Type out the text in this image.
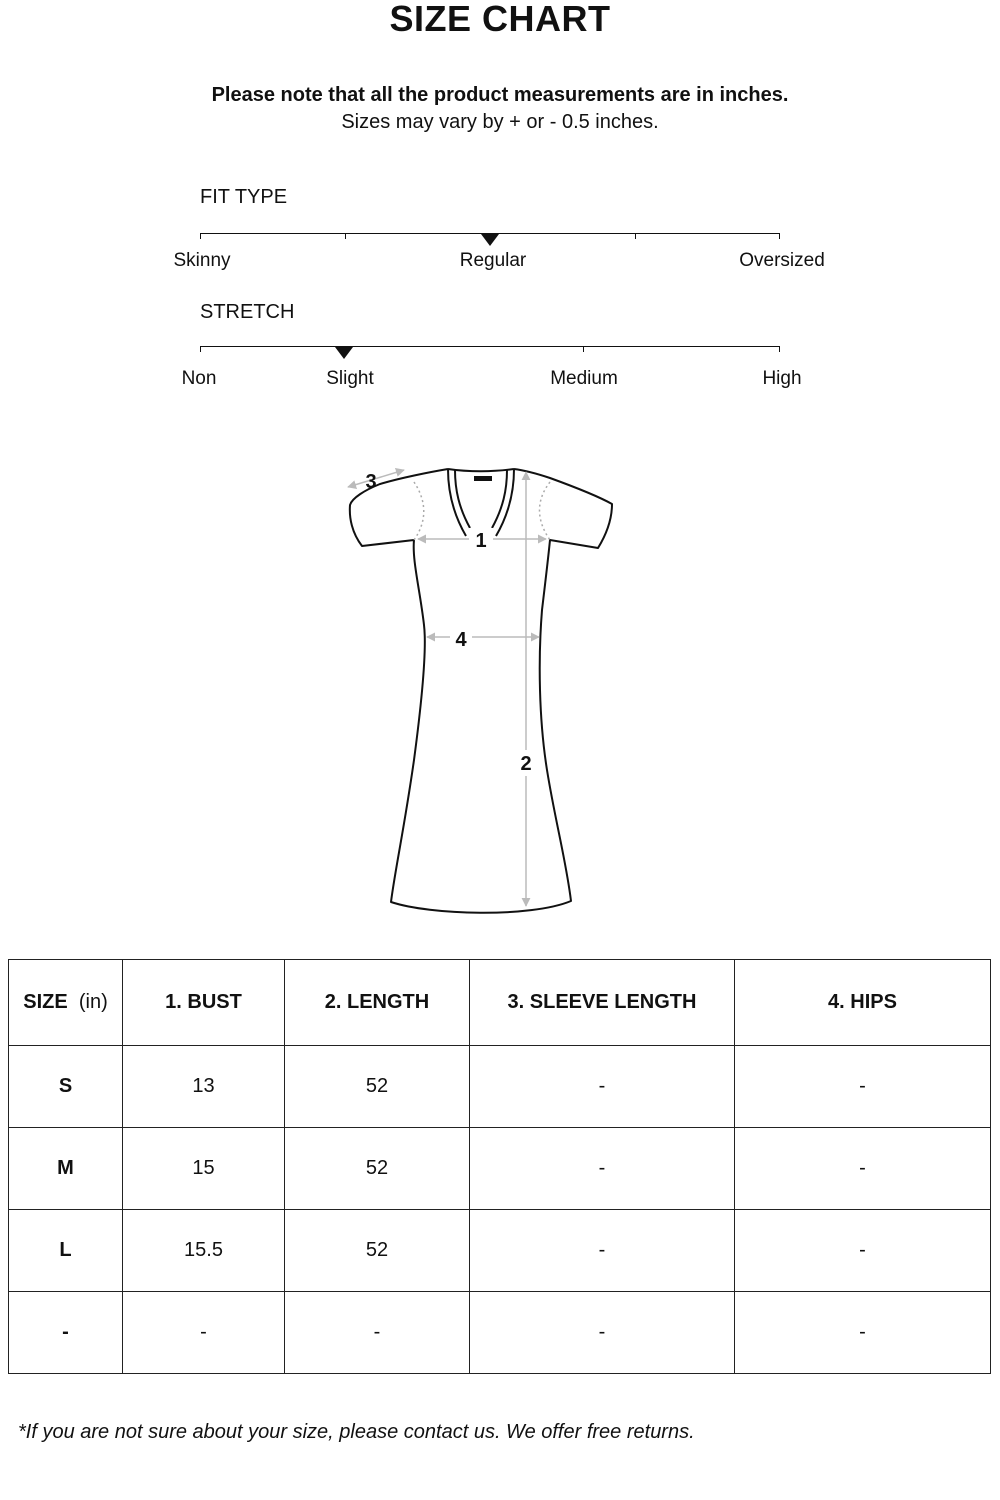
SIZE CHART
Please note that all the product measurements are in inches.
Sizes may vary by + or - 0.5 inches.
FIT TYPE
Skinny	Regular	Oversized
STRETCH
Non	Slight	Medium	High
1
2
3
4
SIZE (in)	1. BUST	2. LENGTH	3. SLEEVE LENGTH	4. HIPS
S	13	52	-	-
M	15	52	-	-
L	15.5	52	-	-
-	-	-	-	-
*If you are not sure about your size, please contact us. We offer free returns.
